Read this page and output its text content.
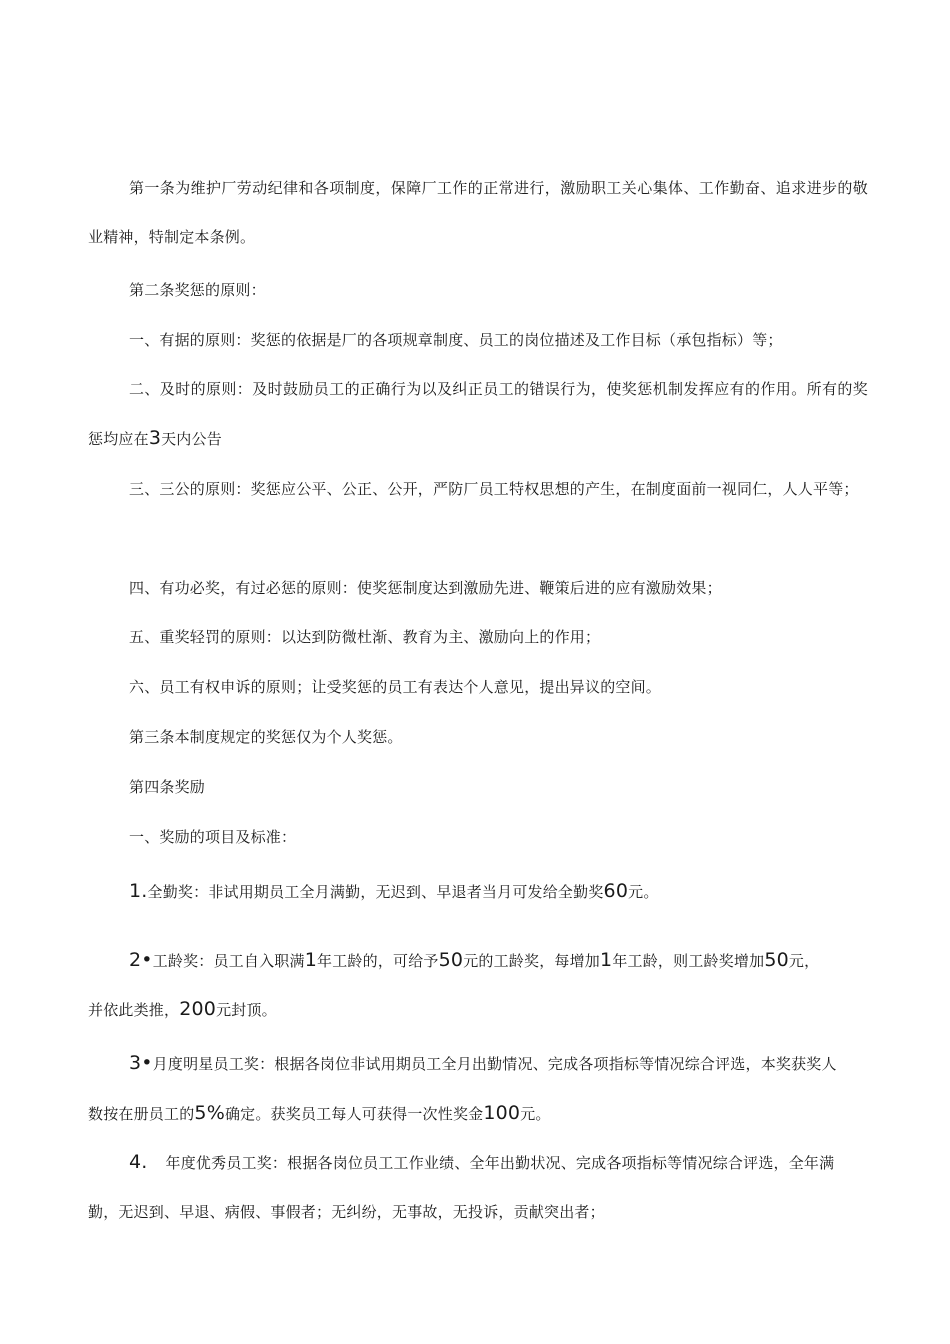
第一条为维护厂劳动纪律和各项制度，保障厂工作的正常进行，激励职工关心集体、工作勤奋、追求进步的敬业精神，特制定本条例。
第二条奖惩的原则：
一、有据的原则：奖惩的依据是厂的各项规章制度、员工的岗位描述及工作目标（承包指标）等；
二、及时的原则：及时鼓励员工的正确行为以及纠正员工的错误行为，使奖惩机制发挥应有的作用。所有的奖惩均应在3天内公告
三、三公的原则：奖惩应公平、公正、公开，严防厂员工特权思想的产生，在制度面前一视同仁，人人平等；
四、有功必奖，有过必惩的原则：使奖惩制度达到激励先进、鞭策后进的应有激励效果；
五、重奖轻罚的原则：以达到防微杜渐、教育为主、激励向上的作用；
六、员工有权申诉的原则；让受奖惩的员工有表达个人意见，提出异议的空间。
第三条本制度规定的奖惩仅为个人奖惩。
第四条奖励
一、奖励的项目及标准：
1.全勤奖：非试用期员工全月满勤，无迟到、早退者当月可发给全勤奖60元。
2•工龄奖：员工自入职满1年工龄的，可给予50元的工龄奖，每增加1年工龄，则工龄奖增加50元，
并依此类推，200元封顶。
3•月度明星员工奖：根据各岗位非试用期员工全月出勤情况、完成各项指标等情况综合评选，本奖获奖人
数按在册员工的5%确定。获奖员工每人可获得一次性奖金100元。
4. 年度优秀员工奖：根据各岗位员工工作业绩、全年出勤状况、完成各项指标等情况综合评选，全年满
勤，无迟到、早退、病假、事假者；无纠纷，无事故，无投诉，贡献突出者；
